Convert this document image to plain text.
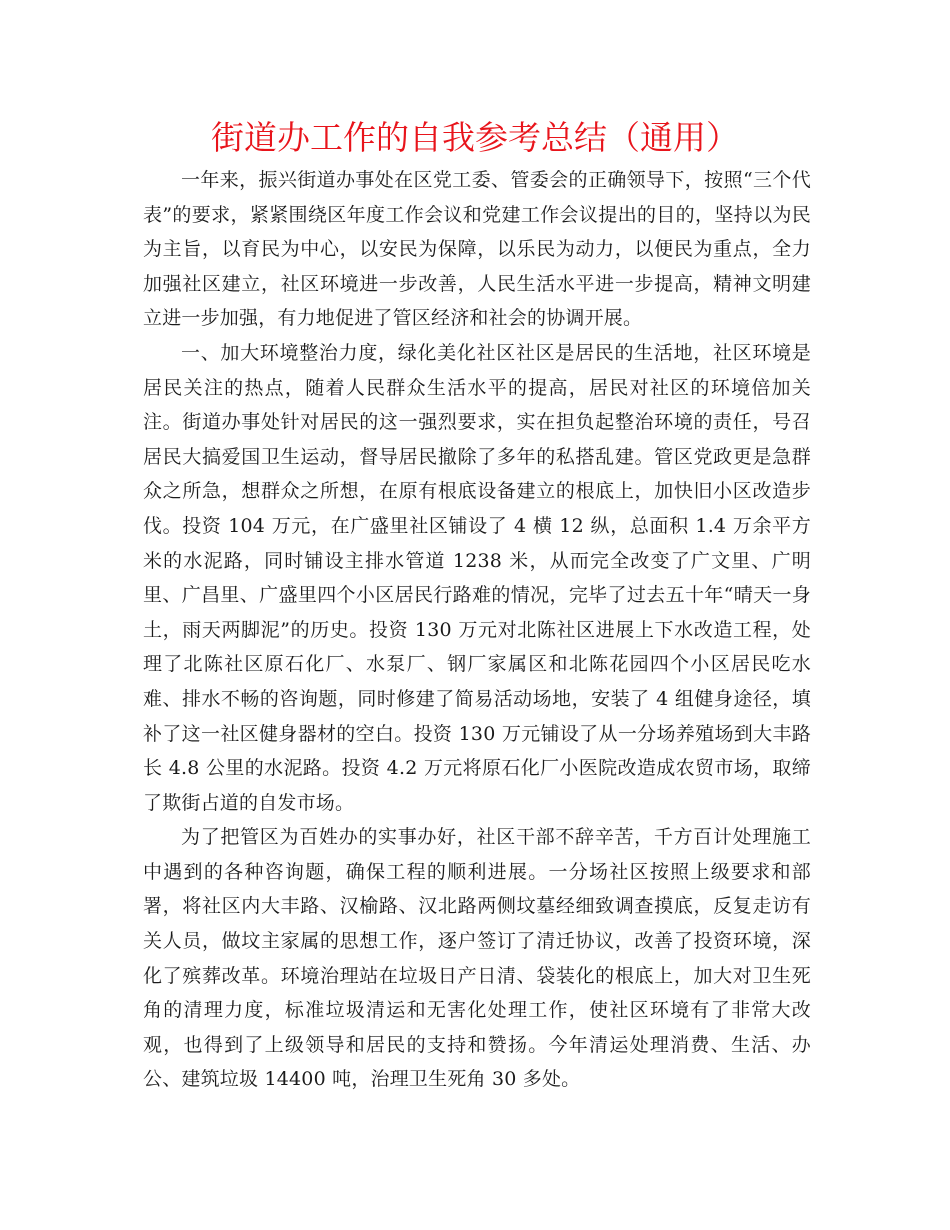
街道办工作的自我参考总结（通用）

一年来，振兴街道办事处在区党工委、管委会的正确领导下，按照“三个代表”的要求，紧紧围绕区年度工作会议和党建工作会议提出的目的，坚持以为民为主旨，以育民为中心，以安民为保障，以乐民为动力，以便民为重点，全力加强社区建立，社区环境进一步改善，人民生活水平进一步提高，精神文明建立进一步加强，有力地促进了管区经济和社会的协调开展。

一、加大环境整治力度，绿化美化社区社区是居民的生活地，社区环境是居民关注的热点，随着人民群众生活水平的提高，居民对社区的环境倍加关注。街道办事处针对居民的这一强烈要求，实在担负起整治环境的责任，号召居民大搞爱国卫生运动，督导居民撤除了多年的私搭乱建。管区党政更是急群众之所急，想群众之所想，在原有根底设备建立的根底上，加快旧小区改造步伐。投资 104 万元，在广盛里社区铺设了 4 横 12 纵，总面积 1.4 万余平方米的水泥路，同时铺设主排水管道 1238 米，从而完全改变了广文里、广明里、广昌里、广盛里四个小区居民行路难的情况，完毕了过去五十年“晴天一身土，雨天两脚泥”的历史。投资 130 万元对北陈社区进展上下水改造工程，处理了北陈社区原石化厂、水泵厂、钢厂家属区和北陈花园四个小区居民吃水难、排水不畅的咨询题，同时修建了简易活动场地，安装了 4 组健身途径，填补了这一社区健身器材的空白。投资 130 万元铺设了从一分场养殖场到大丰路长 4.8 公里的水泥路。投资 4.2 万元将原石化厂小医院改造成农贸市场，取缔了欺街占道的自发市场。

为了把管区为百姓办的实事办好，社区干部不辞辛苦，千方百计处理施工中遇到的各种咨询题，确保工程的顺利进展。一分场社区按照上级要求和部署，将社区内大丰路、汉榆路、汉北路两侧坟墓经细致调查摸底，反复走访有关人员，做坟主家属的思想工作，逐户签订了清迁协议，改善了投资环境，深化了殡葬改革。环境治理站在垃圾日产日清、袋装化的根底上，加大对卫生死角的清理力度，标准垃圾清运和无害化处理工作，使社区环境有了非常大改观，也得到了上级领导和居民的支持和赞扬。今年清运处理消费、生活、办公、建筑垃圾 14400 吨，治理卫生死角 30 多处。
